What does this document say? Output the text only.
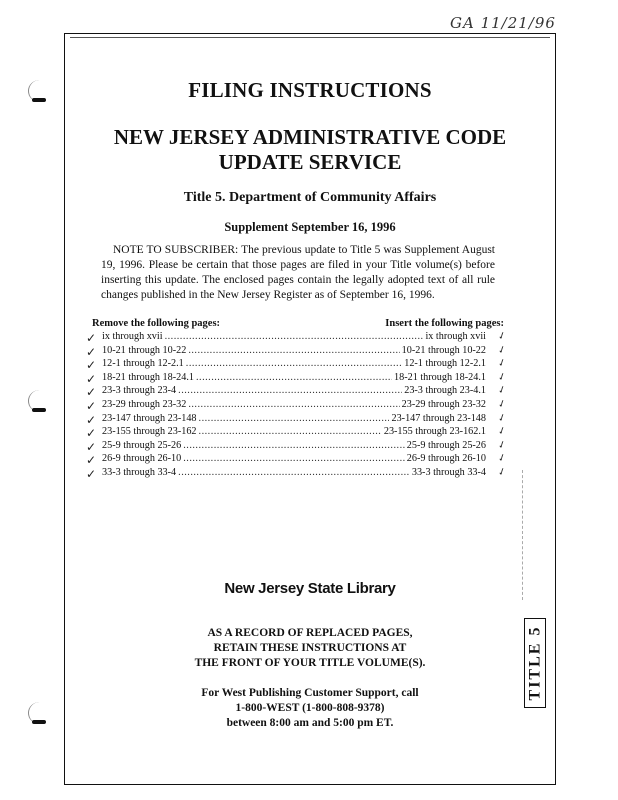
GA 11/21/96
FILING INSTRUCTIONS
NEW JERSEY ADMINISTRATIVE CODE
UPDATE SERVICE
Title 5. Department of Community Affairs
Supplement September 16, 1996
NOTE TO SUBSCRIBER: The previous update to Title 5 was Supplement August 19, 1996. Please be certain that those pages are filed in your Title volume(s) before inserting this update. The enclosed pages contain the legally adopted text of all rule changes published in the New Jersey Register as of September 16, 1996.
Remove the following pages:	Insert the following pages:
✓ ix through xvii .....	ix through xvii ✓
✓ 10-21 through 10-22 .....	10-21 through 10-22 ✓
✓ 12-1 through 12-2.1 .....	12-1 through 12-2.1 ✓
✓ 18-21 through 18-24.1 .....	18-21 through 18-24.1 ✓
✓ 23-3 through 23-4 .....	23-3 through 23-4.1 ✓
✓ 23-29 through 23-32 .....	23-29 through 23-32 ✓
✓ 23-147 through 23-148 .....	23-147 through 23-148 ✓
✓ 23-155 through 23-162 .....	23-155 through 23-162.1 ✓
✓ 25-9 through 25-26 .....	25-9 through 25-26 ✓
✓ 26-9 through 26-10 .....	26-9 through 26-10 ✓
✓ 33-3 through 33-4 .....	33-3 through 33-4 ✓
New Jersey State Library
AS A RECORD OF REPLACED PAGES,
RETAIN THESE INSTRUCTIONS AT
THE FRONT OF YOUR TITLE VOLUME(S).
For West Publishing Customer Support, call
1-800-WEST (1-800-808-9378)
between 8:00 am and 5:00 pm ET.
TITLE 5
